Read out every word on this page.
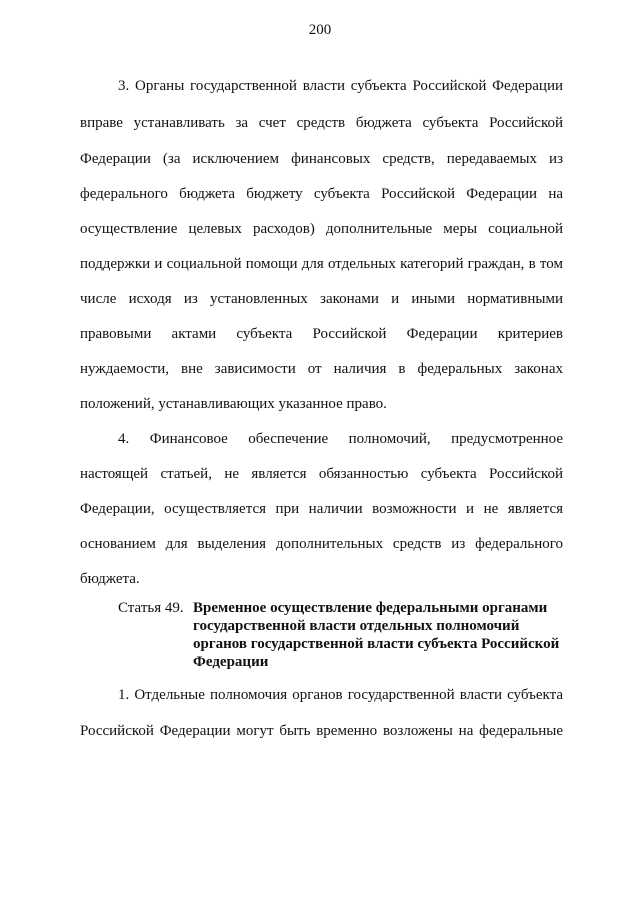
200
3. Органы государственной власти субъекта Российской Федерации
вправе устанавливать за счет средств бюджета субъекта Российской
Федерации (за исключением финансовых средств, передаваемых из
федерального бюджета бюджету субъекта Российской Федерации на
осуществление целевых расходов) дополнительные меры социальной
поддержки и социальной помощи для отдельных категорий граждан, в том
числе исходя из установленных законами и иными нормативными
правовыми актами субъекта Российской Федерации критериев
нуждаемости, вне зависимости от наличия в федеральных законах
положений, устанавливающих указанное право.
4. Финансовое обеспечение полномочий, предусмотренное
настоящей статьей, не является обязанностью субъекта Российской
Федерации, осуществляется при наличии возможности и не является
основанием для выделения дополнительных средств из федерального
бюджета.
Статья 49. Временное осуществление федеральными органами
государственной власти отдельных полномочий
органов государственной власти субъекта Российской
Федерации
1. Отдельные полномочия органов государственной власти субъекта
Российской Федерации могут быть временно возложены на федеральные
